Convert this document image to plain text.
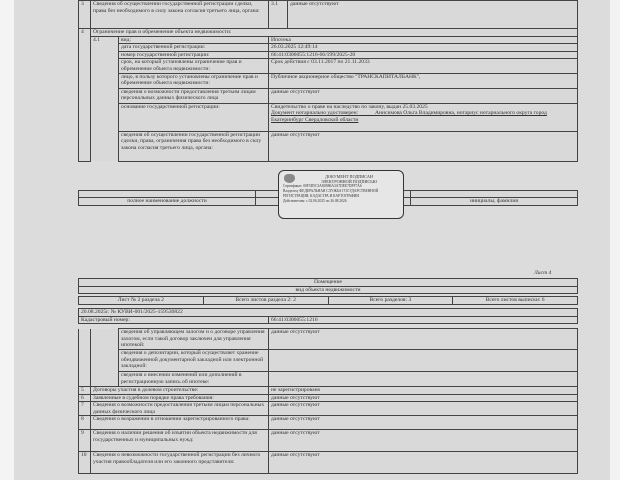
3	Сведения об осуществлении государственной регистрации сделки, права без необходимого в силу закона согласия третьего лица, органа:		3.1	данные отсутствуют
4	Ограничение прав и обременение объекта недвижимости:			
	4.1	вид:	Ипотека	
		дата государственной регистрации:	26.03.2025 12:49:14	
		номер государственной регистрации:	66:41:0306055:1216-66/199/2025-20	
		срок, на который установлены ограничение прав и обременение объекта недвижимости:	Срок действия с 03.11.2017 по 21.11.2033	
		лицо, в пользу которого установлены ограничение прав и обременение объекта недвижимости:	Публичное акционерное общество "ТРАНСКАПИТАЛБАНК",	
		сведения о возможности предоставления третьим лицам персональных данных физического лица	данные отсутствуют	
		основание государственной регистрации:	Свидетельство о праве на наследство по закону, выдан 25.03.2025
Документ нотариально удостоверен: Анисимова Ольга Владимировна, нотариус нотариального округа город Екатеринбург Свердловской области	

		сведения об осуществлении государственной регистрации сделки, права, ограничения права без необходимого в силу закона согласия третьего лица, органа:	данные отсутствуют	

полное наименование должности		инициалы, фамилия
ДОКУМЕНТ ПОДПИСАН
ЭЛЕКТРОННОЙ ПОДПИСЬЮ
Сертификат: 00F5D5C3A65B86A3A7DEE7DFF7A6
Владелец: ФЕДЕРАЛЬНАЯ СЛУЖБА ГОСУДАРСТВЕННОЙ
РЕГИСТРАЦИИ, КАДАСТРА И КАРТОГРАФИИ
Действителен: с 02.06.2025 по 26.08.2026
Лист 4
Помещение
вид объекта недвижимости
Лист № 2 раздела 2	Всего листов раздела 2: 2	Всего разделов: 3	Всего листов выписки: 6
20.08.2025г. № КУВИ-001/2025-159530822
Кадастровый номер:	66:41:0306055:1216
		сведения об управляющем залогом и о договоре управления залогом, если такой договор заключен для управления ипотекой:	данные отсутствуют
		сведения о депозитарии, который осуществляет хранение обездвиженной документарной закладной или электронной закладной:	
		сведения о внесении изменений или дополнений в регистрационную запись об ипотеке:	
5	Договоры участия в долевом строительстве:		не зарегистрировано
6	Заявленные в судебном порядке права требования:		данные отсутствуют
7	Сведения о возможности предоставления третьим лицам персональных данных физического лица		данные отсутствуют
8	Сведения о возражении в отношении зарегистрированного права:		данные отсутствуют
9	Сведения о наличии решения об изъятии объекта недвижимости для государственных и муниципальных нужд:		данные отсутствуют
10	Сведения о невозможности государственной регистрации без личного участия правообладателя или его законного представителя:		данные отсутствуют
